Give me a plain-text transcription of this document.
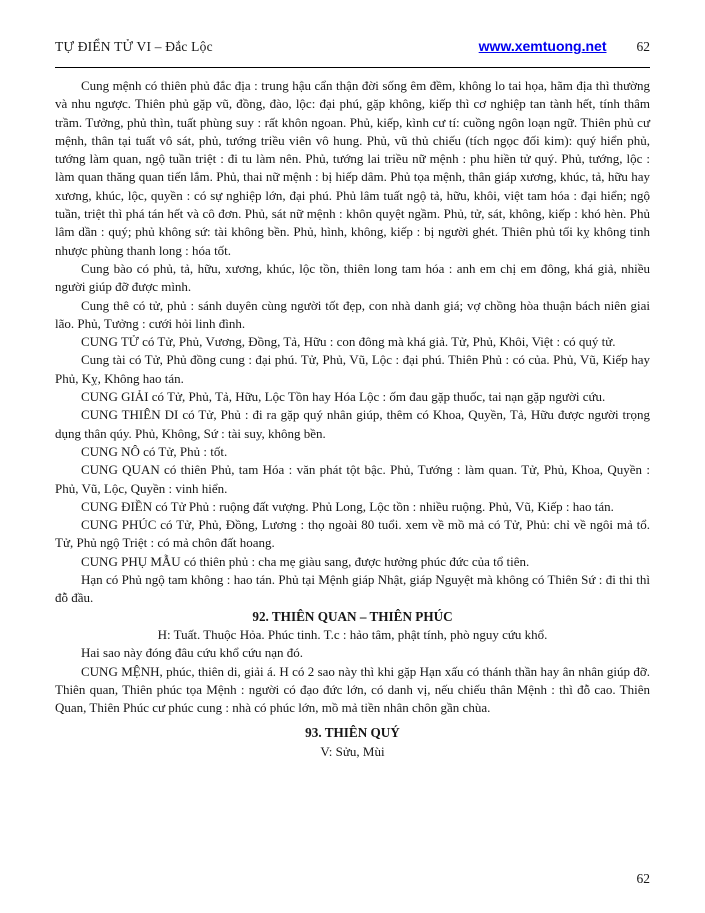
TỰ ĐIỂN TỬ VI – Đắc Lộc	www.xemtuong.net 62

Cung mệnh có thiên phủ đắc địa : trung hậu cẩn thận đời sống êm đềm, không lo tai họa, hãm địa thì thường và nhu ngược. Thiên phủ gặp vũ, đồng, đào, lộc: đại phú, gặp không, kiếp thì cơ nghiệp tan tành hết, tính thâm trầm. Tưởng, phủ thìn, tuất phùng suy : rất khôn ngoan. Phủ, kiếp, kình cư tí: cuồng ngôn loạn ngữ. Thiên phủ cư mệnh, thân tại tuất vô sát, phủ, tướng triều viên vô hung. Phủ, vũ thủ chiếu (tích ngọc đối kim): quý hiển phủ, tướng làm quan, ngộ tuần triệt : đi tu làm nên. Phủ, tướng lai triều nữ mệnh : phu hiền tử quý. Phủ, tướng, lộc : làm quan thăng quan tiến lắm. Phủ, thai nữ mệnh : bị hiếp dâm. Phủ tọa mệnh, thân giáp xương, khúc, tả, hữu hay xương, khúc, lộc, quyền : có sự nghiệp lớn, đại phú. Phủ lâm tuất ngộ tả, hữu, khôi, việt tam hóa : đại hiển; ngộ tuần, triệt thì phá tán hết và cô đơn. Phủ, sát nữ mệnh : khôn quyệt ngầm. Phủ, tử, sát, không, kiếp : khó hèn. Phủ lâm dần : quý; phủ không sứ: tài không bền. Phủ, hình, không, kiếp : bị người ghét. Thiên phủ tối kỵ không tinh nhược phùng thanh long : hóa tốt.

Cung bào có phủ, tả, hữu, xương, khúc, lộc tồn, thiên long tam hóa : anh em chị em đông, khá giả, nhiều người giúp đỡ được mình.

Cung thê có tử, phủ : sánh duyên cùng người tốt đẹp, con nhà danh giá; vợ chồng hòa thuận bách niên giai lão. Phủ, Tưởng : cưới hỏi linh đình.

CUNG TỬ có Tử, Phủ, Vương, Đồng, Tả, Hữu : con đông mà khá giả. Tử, Phủ, Khôi, Việt : có quý tử.

Cung tài có Tử, Phủ đồng cung : đại phú. Tử, Phủ, Vũ, Lộc : đại phú. Thiên Phủ : có của. Phủ, Vũ, Kiếp hay Phủ, Kỵ, Không hao tán.

CUNG GIẢI có Tử, Phủ, Tả, Hữu, Lộc Tồn hay Hóa Lộc : ốm đau gặp thuốc, tai nạn gặp người cứu.

CUNG THIÊN DI có Tử, Phủ : đi ra gặp quý nhân giúp, thêm có Khoa, Quyền, Tả, Hữu được người trọng dụng thân qúy. Phủ, Không, Sứ : tài suy, không bền.

CUNG NÔ có Tử, Phủ : tốt.

CUNG QUAN có thiên Phủ, tam Hóa : văn phát tột bậc. Phủ, Tướng : làm quan. Tử, Phủ, Khoa, Quyền : Phủ, Vũ, Lộc, Quyền : vinh hiển.

CUNG ĐIỀN có Tử Phủ : ruộng đất vượng. Phủ Long, Lộc tồn : nhiều ruộng. Phủ, Vũ, Kiếp : hao tán.

CUNG PHÚC có Tử, Phủ, Đồng, Lương : thọ ngoài 80 tuổi. xem về mồ mả có Tử, Phủ: chỉ về ngôi mả tổ. Tử, Phủ ngộ Triệt : có mả chôn đất hoang.

CUNG PHỤ MẪU có thiên phủ : cha mẹ giàu sang, được hưởng phúc đức của tổ tiên.

Hạn có Phủ ngộ tam không : hao tán. Phủ tại Mệnh giáp Nhật, giáp Nguyệt mà không có Thiên Sứ : đi thi thì đỗ đầu.

92. THIÊN QUAN – THIÊN PHÚC

H: Tuất. Thuộc Hỏa. Phúc tinh. T.c : hảo tâm, phật tính, phò nguy cứu khổ.

Hai sao này đóng đâu cứu khổ cứu nạn đó.

CUNG MỆNH, phúc, thiên di, giải á. H có 2 sao này thì khi gặp Hạn xấu có thánh thần hay ân nhân giúp đỡ. Thiên quan, Thiên phúc tọa Mệnh : người có đạo đức lớn, có danh vị, nếu chiếu thân Mệnh : thì đỗ cao. Thiên Quan, Thiên Phúc cư phúc cung : nhà có phúc lớn, mồ mả tiền nhân chôn gần chùa.

93. THIÊN QUÝ

V: Sửu, Mùi

62
